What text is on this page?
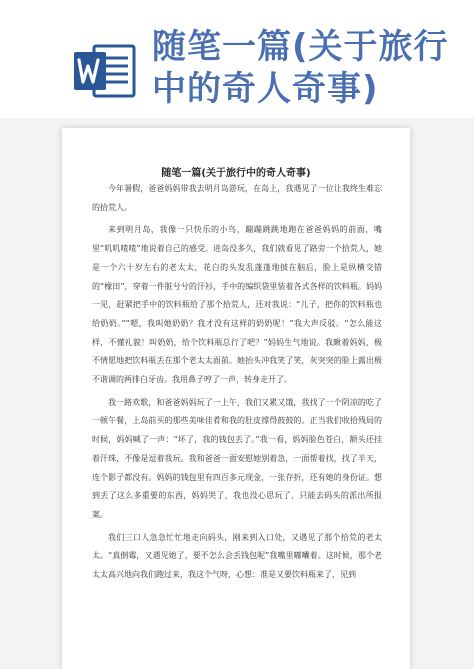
随笔一篇(关于旅行中的奇人奇事)
随笔一篇(关于旅行中的奇人奇事)

今年暑假，爸爸妈妈带我去明月岛游玩，在岛上，我遇见了一位让我终生难忘的拾荒人。

来到明月岛，我像一只快乐的小鸟，蹦蹦跳跳地跑在爸爸妈妈的前面，嘴里“叽叽喳喳”地说着自己的感受。进岛没多久，我们就看见了路旁一个拾荒人，她是一个六十岁左右的老太太，花白的头发乱蓬蓬地披在脑后，脸上是纵横交错的“橡田”，穿着一件脏兮兮的汗衫，手中的编织袋里装着各式各样的饮料瓶。妈妈一见，赶紧把手中的饮料瓶给了那个拾荒人，还对我说：“儿子，把你的饮料瓶也给奶奶。”“嗯，我叫她奶奶？我才没有这样的奶奶呢！”我大声反驳。“怎么能这样，不懂礼貌！叫奶奶，给个饮料瓶总行了吧？”妈妈生气地说。我瞅着妈妈，极不情愿地把饮料瓶丢在那个老太太面前。她抬头冲我笑了笑，灰突突的脸上露出极不谐调的两排白牙齿。我用鼻子哼了一声，转身走开了。

我一路欢歌，和爸爸妈妈玩了一上午，我们又累又饿，我找了一个阴凉的吃了一顿午餐，上岛前买的那些美味佳肴和我的肚皮撑得鼓鼓的。正当我们收拾残局的时候，妈妈喊了一声：“坏了，我的钱包丢了。”我一看，妈妈脸色苍白，额头还挂着汗珠，不像是逗着我玩。我和爸爸一面安慰她别着急，一面帮着找，找了半天，连个影子都没有。妈妈的钱包里有四百多元现金，一张存折，还有她的身份证。想到丢了这么多重要的东西，妈妈哭了，我也没心思玩了，只能去码头的派出所报案。

我们三口人急急忙忙地走向码头，刚来到入口处，又遇见了那个拾荒的老太太。“真倒霉，又遇见她了，要不怎么会丢钱包呢”我嘴里嘟囔着。这时候，那个老太太高兴地向我们跑过来，我这个气呀，心想：准是又要饮料瓶来了，见到
